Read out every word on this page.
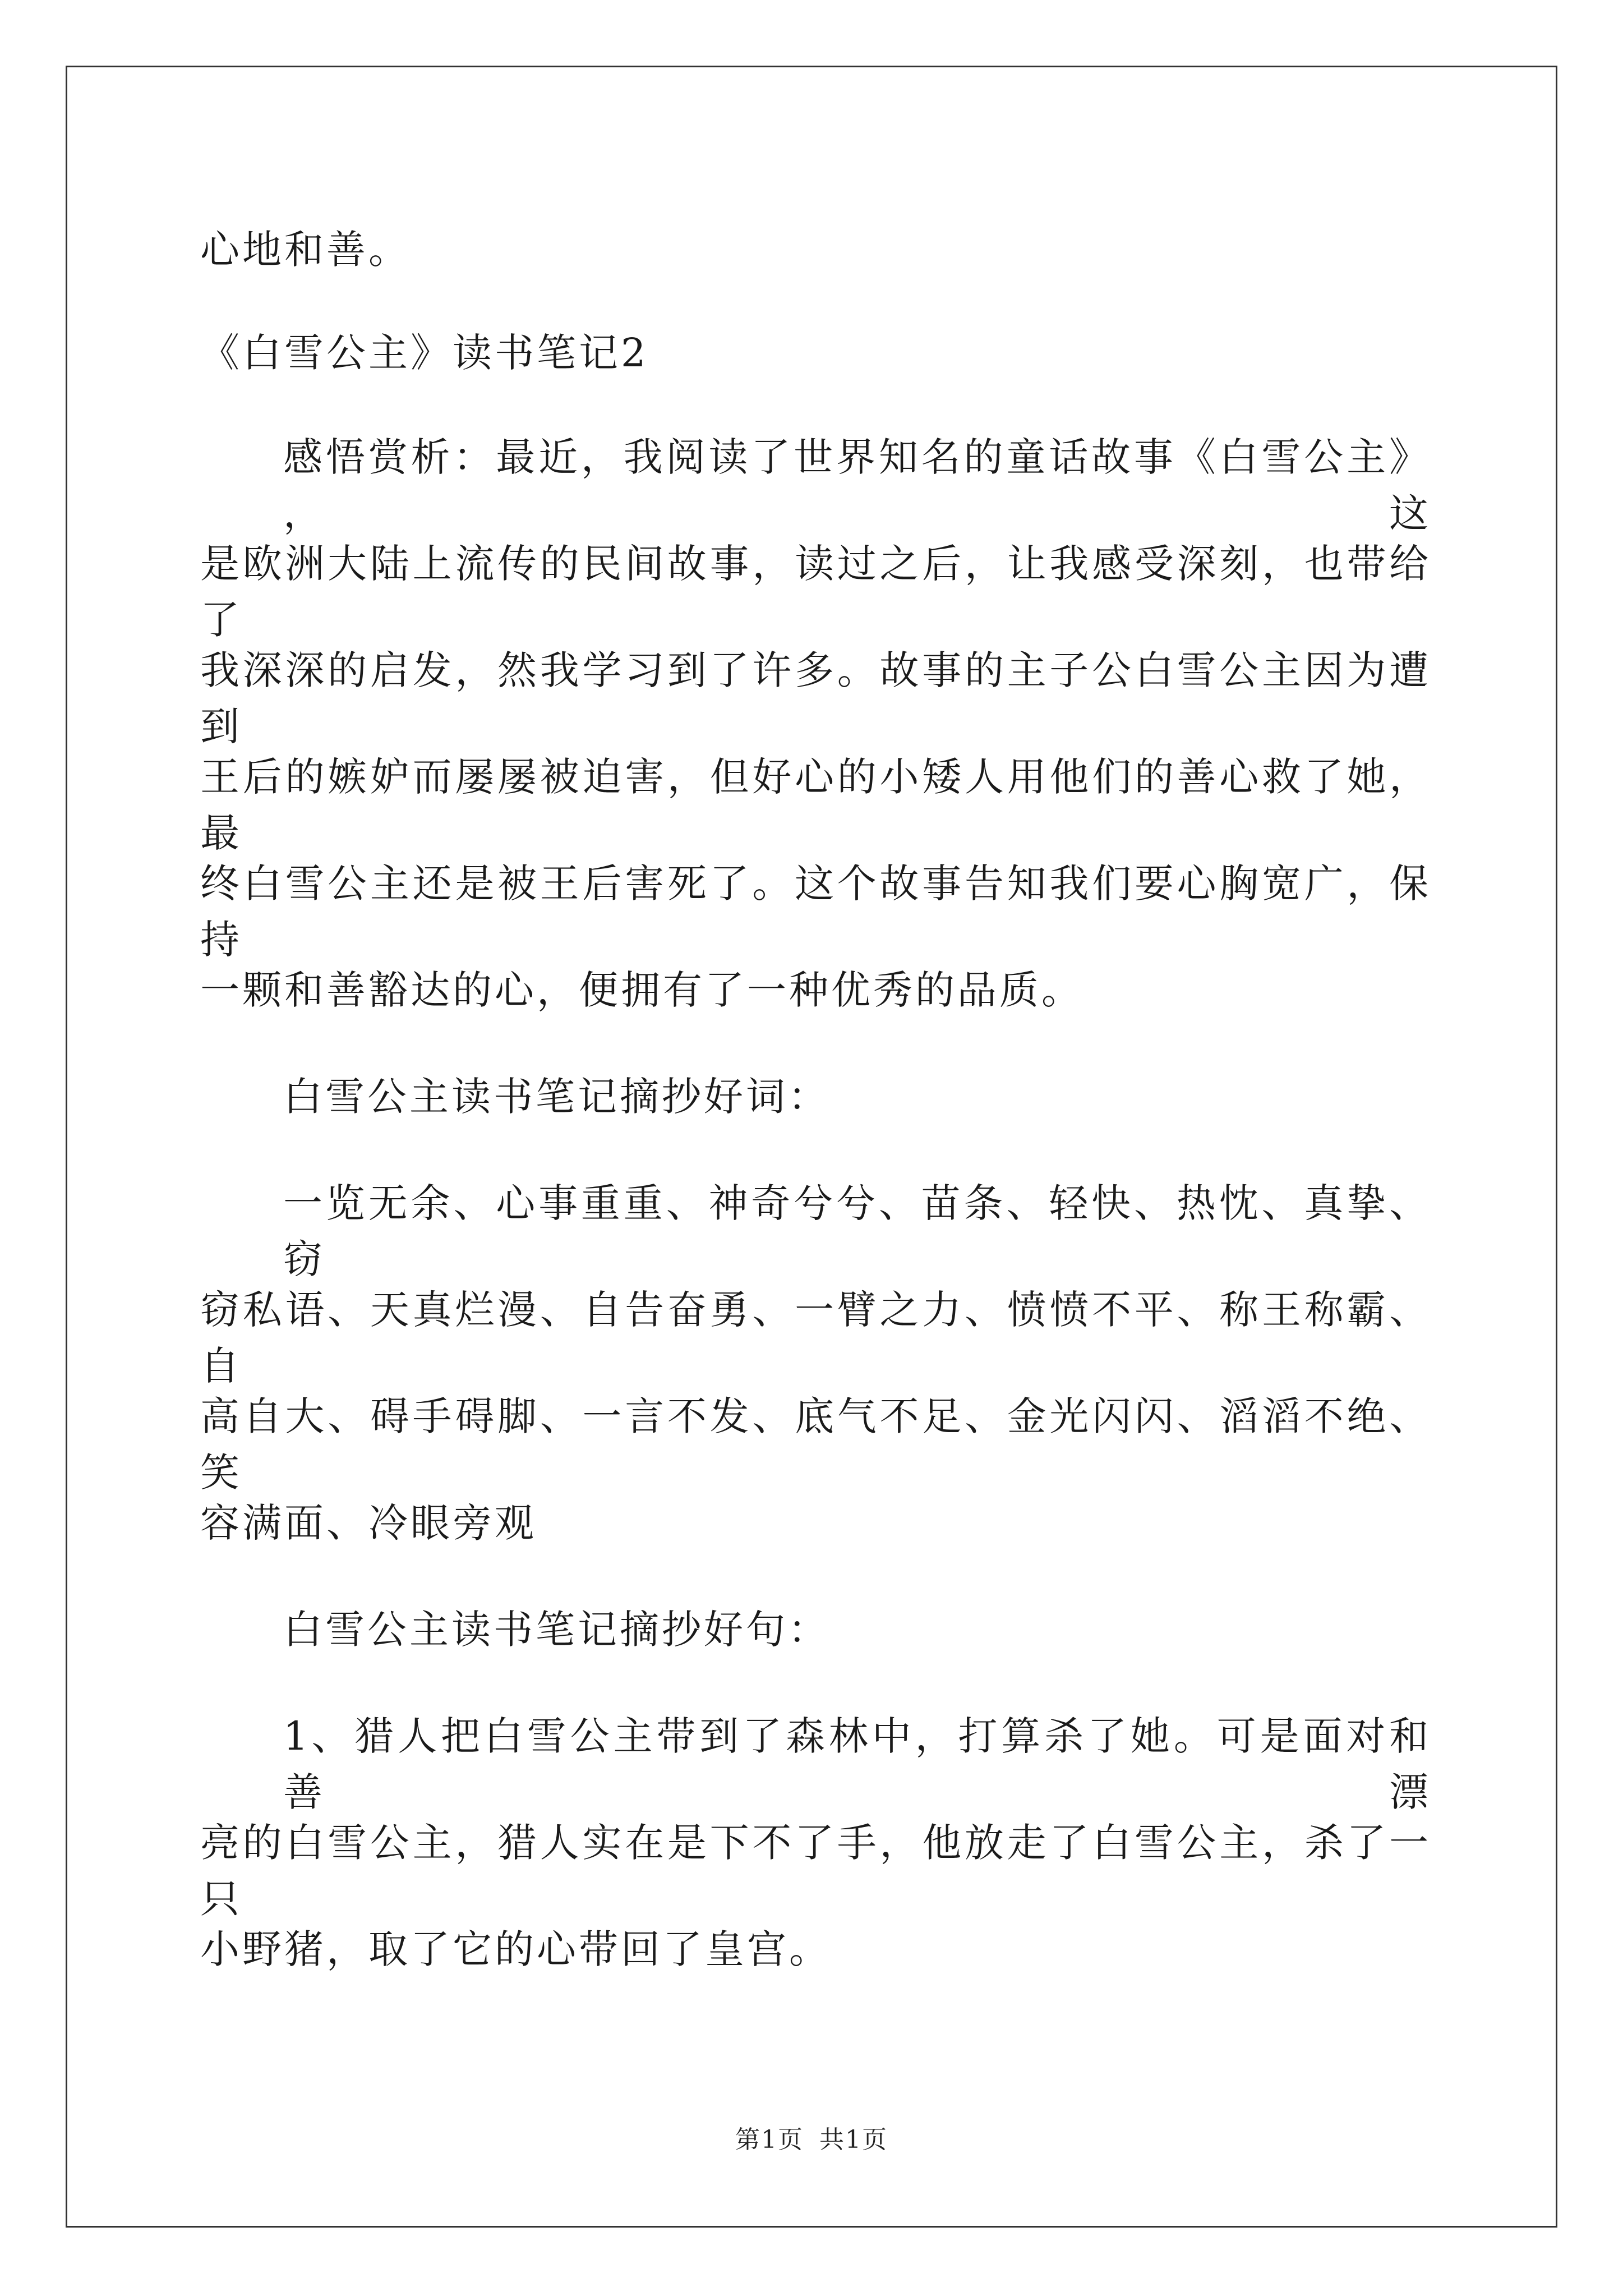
心地和善。
《白雪公主》读书笔记2
感 悟 赏 析 ： 最 近 ， 我 阅 读 了 世 界 知 名 的 童 话 故 事 《 白 雪 公 主 》 ，	这
是 欧 洲 大 陆 上 流 传 的 民 间 故 事 ， 读 过 之 后 ， 让 我 感 受 深 刻 ， 也 带 给 了
我 深 深 的 启 发 ， 然 我 学 习 到 了 许 多 。 故 事 的 主 子 公 白 雪 公 主 因 为 遭 到
王 后 的 嫉 妒 而 屡 屡 被 迫 害 ， 但 好 心 的 小 矮 人 用 他 们 的 善 心 救 了 她 ， 最
终 白 雪 公 主 还 是 被 王 后 害 死 了 。 这 个 故 事 告 知 我 们 要 心 胸 宽 广 ， 保 持
一颗和善豁达的心，便拥有了一种优秀的品质。
白雪公主读书笔记摘抄好词：
一 览 无 余 、 心 事 重 重 、 神 奇 兮 兮 、 苗 条 、 轻 快 、 热 忱 、 真 挚 、 窃
窃 私 语 、 天 真 烂 漫 、 自 告 奋 勇 、 一 臂 之 力 、 愤 愤 不 平 、 称 王 称 霸 、 自
高 自 大 、 碍 手 碍 脚 、 一 言 不 发 、 底 气 不 足 、 金 光 闪 闪 、 滔 滔 不 绝 、 笑
容满面、冷眼旁观
白雪公主读书笔记摘抄好句：
1 、 猎 人 把 白 雪 公 主 带 到 了 森 林 中 ， 打 算 杀 了 她 。 可 是 面 对 和 善	漂
亮 的 白 雪 公 主 ， 猎 人 实 在 是 下 不 了 手 ， 他 放 走 了 白 雪 公 主 ， 杀 了 一 只
小野猪，取了它的心带回了皇宫。
第1页 共1页
